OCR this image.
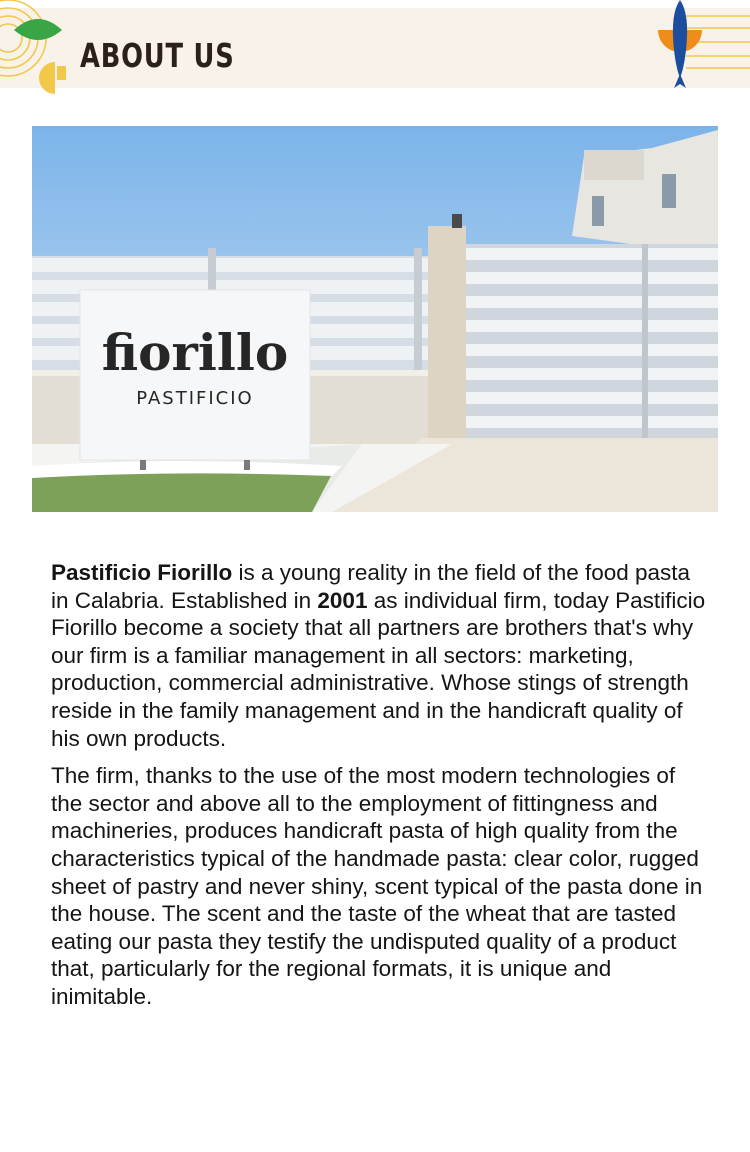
ABOUT US
fiorillo
PASTIFICIO

Pastificio Fiorillo is a young reality in the field of the food pasta in Calabria. Established in 2001 as individual firm, today Pastificio Fiorillo become a society that all partners are brothers that's why our firm is a familiar management in all sectors: marketing, production, commercial administrative. Whose stings of strength reside in the family management and in the handicraft quality of his own products.

The firm, thanks to the use of the most modern technologies of the sector and above all to the employment of fittingness and machineries, produces handicraft pasta of high quality from the characteristics typical of the handmade pasta: clear color, rugged sheet of pastry and never shiny, scent typical of the pasta done in the house. The scent and the taste of the wheat that are tasted eating our pasta they testify the undisputed quality of a product that, particularly for the regional formats, it is unique and inimitable.
